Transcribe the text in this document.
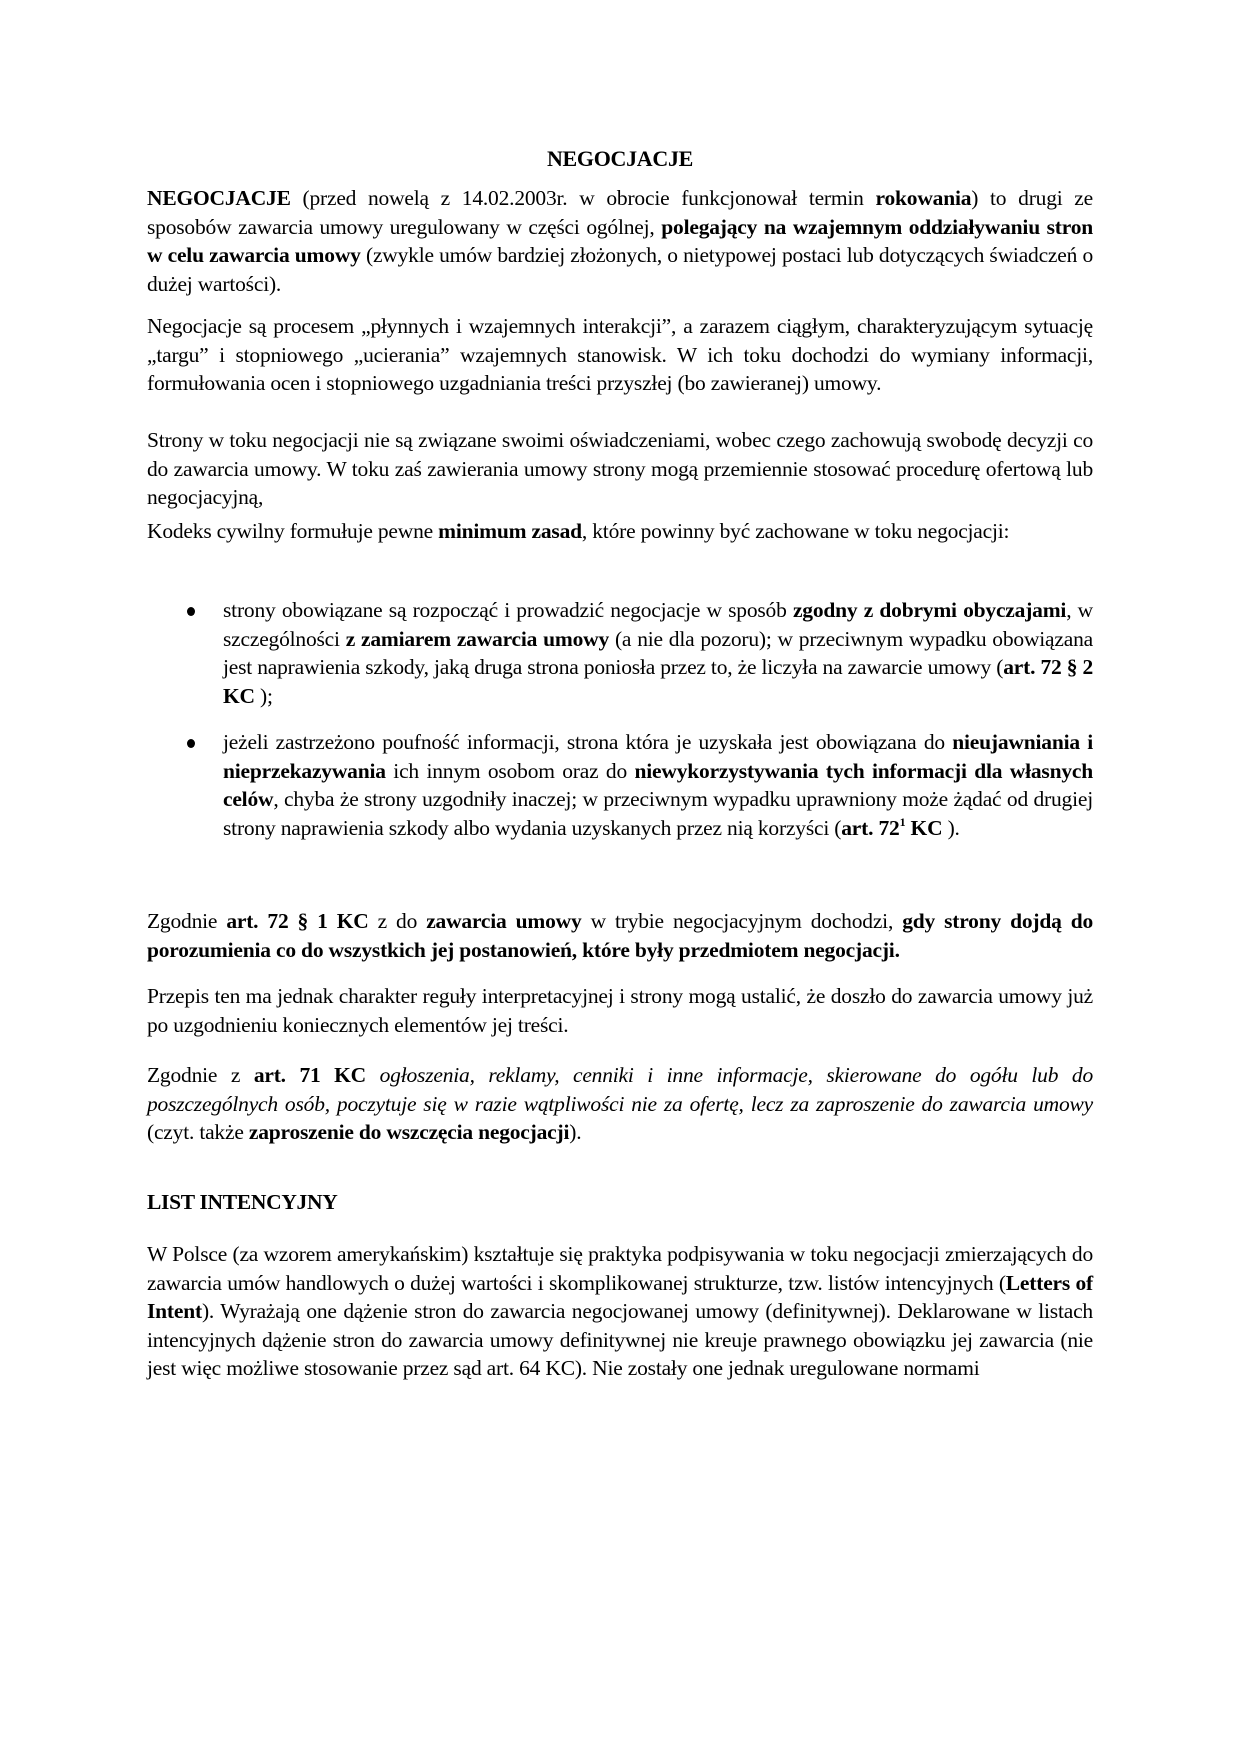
NEGOCJACJE
NEGOCJACJE (przed nowelą z 14.02.2003r. w obrocie funkcjonował termin rokowania) to drugi ze sposobów zawarcia umowy uregulowany w części ogólnej, polegający na wzajemnym oddziaływaniu stron w celu zawarcia umowy (zwykle umów bardziej złożonych, o nietypowej postaci lub dotyczących świadczeń o dużej wartości).
Negocjacje są procesem „płynnych i wzajemnych interakcji”, a zarazem ciągłym, charakteryzującym sytuację „targu” i stopniowego „ucierania” wzajemnych stanowisk. W ich toku dochodzi do wymiany informacji, formułowania ocen i stopniowego uzgadniania treści przyszłej (bo zawieranej) umowy.
Strony w toku negocjacji nie są związane swoimi oświadczeniami, wobec czego zachowują swobodę decyzji co do zawarcia umowy. W toku zaś zawierania umowy strony mogą przemiennie stosować procedurę ofertową lub negocjacyjną,
Kodeks cywilny formułuje pewne minimum zasad, które powinny być zachowane w toku negocjacji:
strony obowiązane są rozpocząć i prowadzić negocjacje w sposób zgodny z dobrymi obyczajami, w szczególności z zamiarem zawarcia umowy (a nie dla pozoru); w przeciwnym wypadku obowiązana jest naprawienia szkody, jaką druga strona poniosła przez to, że liczyła na zawarcie umowy (art. 72 § 2 KC );
jeżeli zastrzeżono poufność informacji, strona która je uzyskała jest obowiązana do nieujawniania i nieprzekazywania ich innym osobom oraz do niewykorzystywania tych informacji dla własnych celów, chyba że strony uzgodniły inaczej; w przeciwnym wypadku uprawniony może żądać od drugiej strony naprawienia szkody albo wydania uzyskanych przez nią korzyści (art. $72^1$ KC ).
Zgodnie art. 72 § 1 KC z do zawarcia umowy w trybie negocjacyjnym dochodzi, gdy strony dojdą do porozumienia co do wszystkich jej postanowień, które były przedmiotem negocjacji.
Przepis ten ma jednak charakter reguły interpretacyjnej i strony mogą ustalić, że doszło do zawarcia umowy już po uzgodnieniu koniecznych elementów jej treści.
Zgodnie z art. 71 KC ogłoszenia, reklamy, cenniki i inne informacje, skierowane do ogółu lub do poszczególnych osób, poczytuje się w razie wątpliwości nie za ofertę, lecz za zaproszenie do zawarcia umowy (czyt. także zaproszenie do wszczęcia negocjacji).
LIST INTENCYJNY
W Polsce (za wzorem amerykańskim) kształtuje się praktyka podpisywania w toku negocjacji zmierzających do zawarcia umów handlowych o dużej wartości i skomplikowanej strukturze, tzw. listów intencyjnych (Letters of Intent). Wyrażają one dążenie stron do zawarcia negocjowanej umowy (definitywnej). Deklarowane w listach intencyjnych dążenie stron do zawarcia umowy definitywnej nie kreuje prawnego obowiązku jej zawarcia (nie jest więc możliwe stosowanie przez sąd art. 64 KC). Nie zostały one jednak uregulowane normami
